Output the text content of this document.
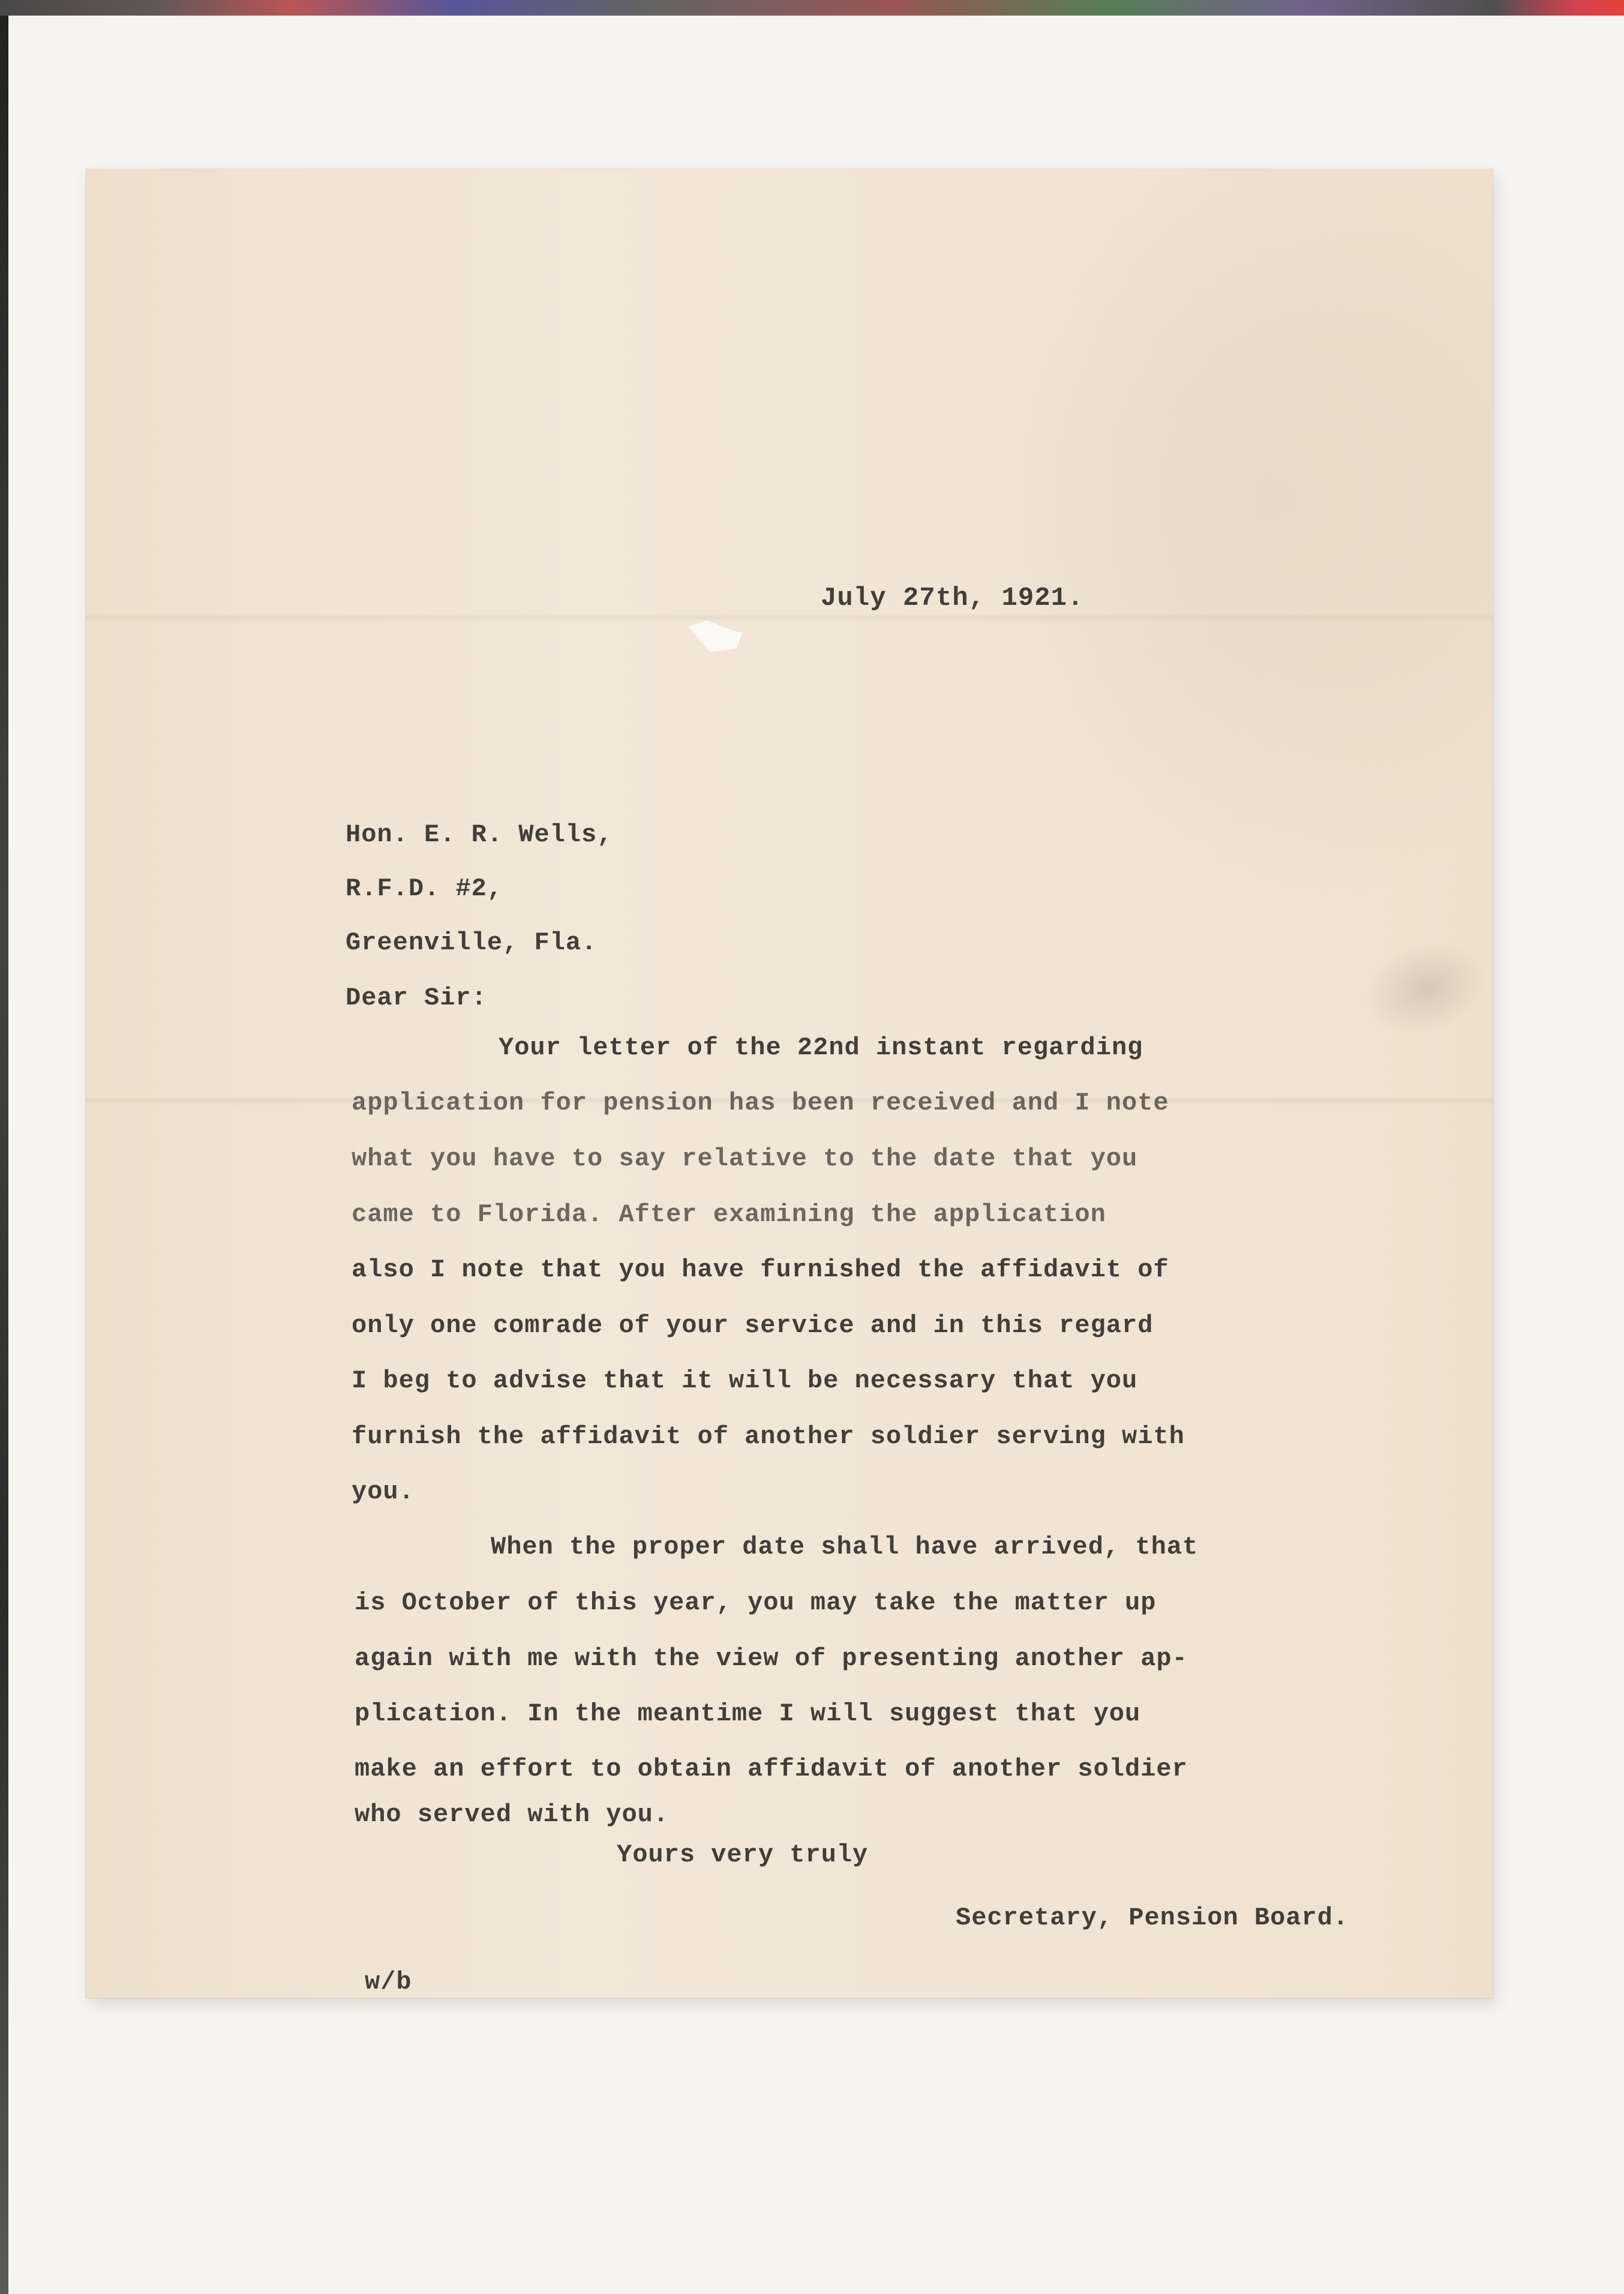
July 27th, 1921.
Hon. E. R. Wells,
R.F.D. #2,
Greenville, Fla.
Dear Sir:
Your letter of the 22nd instant regarding
application for pension has been received and I note
what you have to say relative to the date that you
came to Florida. After examining the application
also I note that you have furnished the affidavit of
only one comrade of your service and in this regard
I beg to advise that it will be necessary that you
furnish the affidavit of another soldier serving with
you.
When the proper date shall have arrived, that
is October of this year, you may take the matter up
again with me with the view of presenting another ap-
plication. In the meantime I will suggest that you
make an effort to obtain affidavit of another soldier
who served with you.
Yours very truly
Secretary, Pension Board.
w/b
